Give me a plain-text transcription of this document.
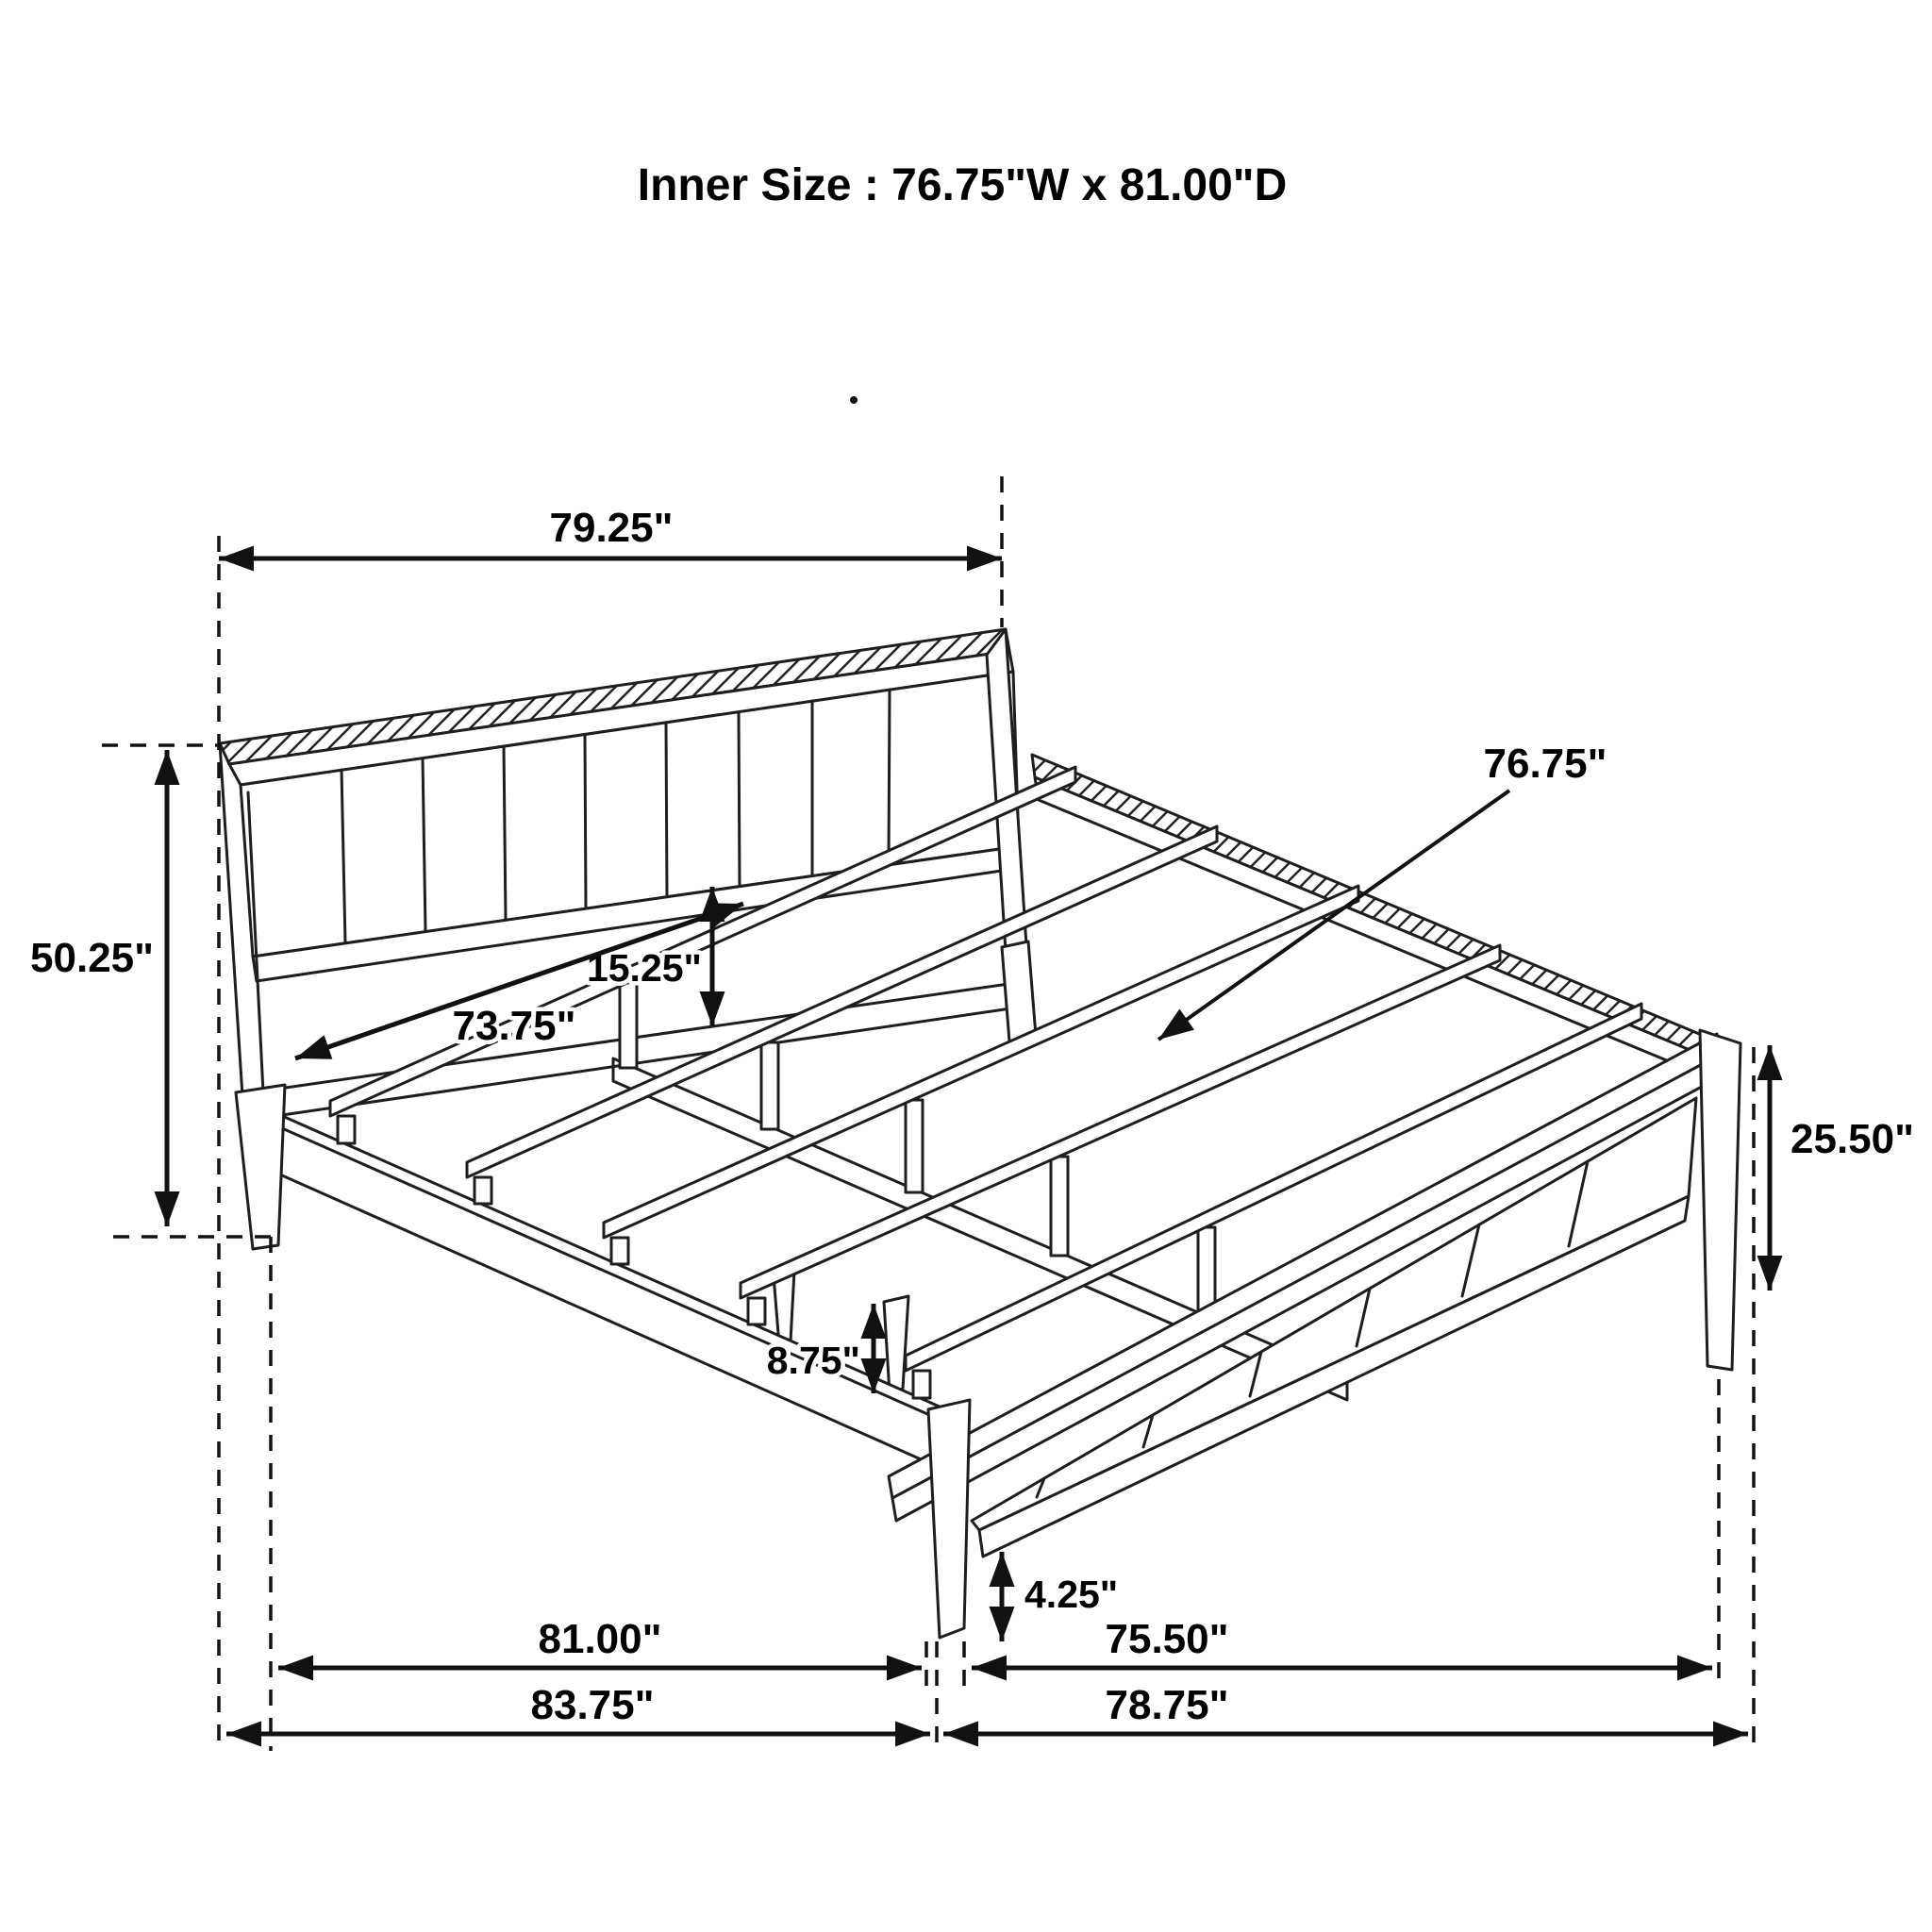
79.25"
50.25"	15.25"
73.75"
76.75"
25.50"
8.75"
4.25"
81.00"	75.50"
83.75"	78.75"
Inner Size : 76.75"W x 81.00"D
